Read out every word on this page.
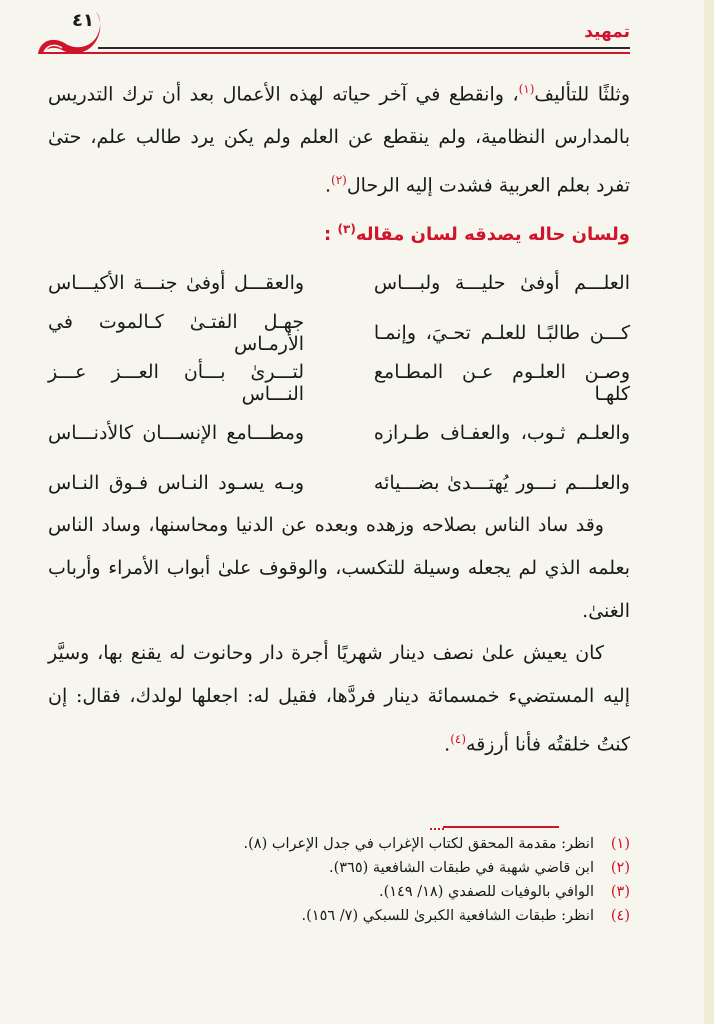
تمهيد
٤١
وثلثًا للتأليف$^{(١)}$، وانقطع في آخر حياته لهذه الأعمال بعد أن ترك التدريس بالمدارس النظامية، ولم ينقطع عن العلم ولم يكن يرد طالب علم، حتىٰ تفرد بعلم العربية فشدت إليه الرحال$^{(٢)}$.
ولسان حاله يصدقه لسان مقاله$^{(٣)}$ :
العلـــم أوفىٰ حليـــة ولبـــاس
والعقـــل أوفىٰ جنـــة الأكيـــاس
كـــن طالبًـا للعلـم تحـيَ، وإنمـا
جهـل الفتـىٰ كـالموت في الأرمـاس
وصـن العلـوم عـن المطـامع كلهـا
لتـــرىٰ بـــأن العـــز عـــز النـــاس
والعلـم ثـوب، والعفـاف طـرازه
ومطـــامع الإنســـان كالأدنـــاس
والعلـــم نـــور يُهتـــدىٰ بضـــيائه
وبـه يسـود النـاس فـوق النـاس
وقد ساد الناس بصلاحه وزهده وبعده عن الدنيا ومحاسنها، وساد الناس بعلمه الذي لم يجعله وسيلة للتكسب، والوقوف علىٰ أبواب الأمراء وأرباب الغنىٰ.
كان يعيش علىٰ نصف دينار شهريًا أجرة دار وحانوت له يقنع بها، وسيَّر إليه المستضيء خمسمائة دينار فردَّها، فقيل له: اجعلها لولدك، فقال: إن كنتُ خلقتُه فأنا أرزقه$^{(٤)}$.
(١)
انظر: مقدمة المحقق لكتاب الإغراب في جدل الإعراب (٨).
(٢)
ابن قاضي شهبة في طبقات الشافعية (٣٦٥).
(٣)
الوافي بالوفيات للصفدي (١٨/ ١٤٩).
(٤)
انظر: طبقات الشافعية الكبرىٰ للسبكي (٧/ ١٥٦).
